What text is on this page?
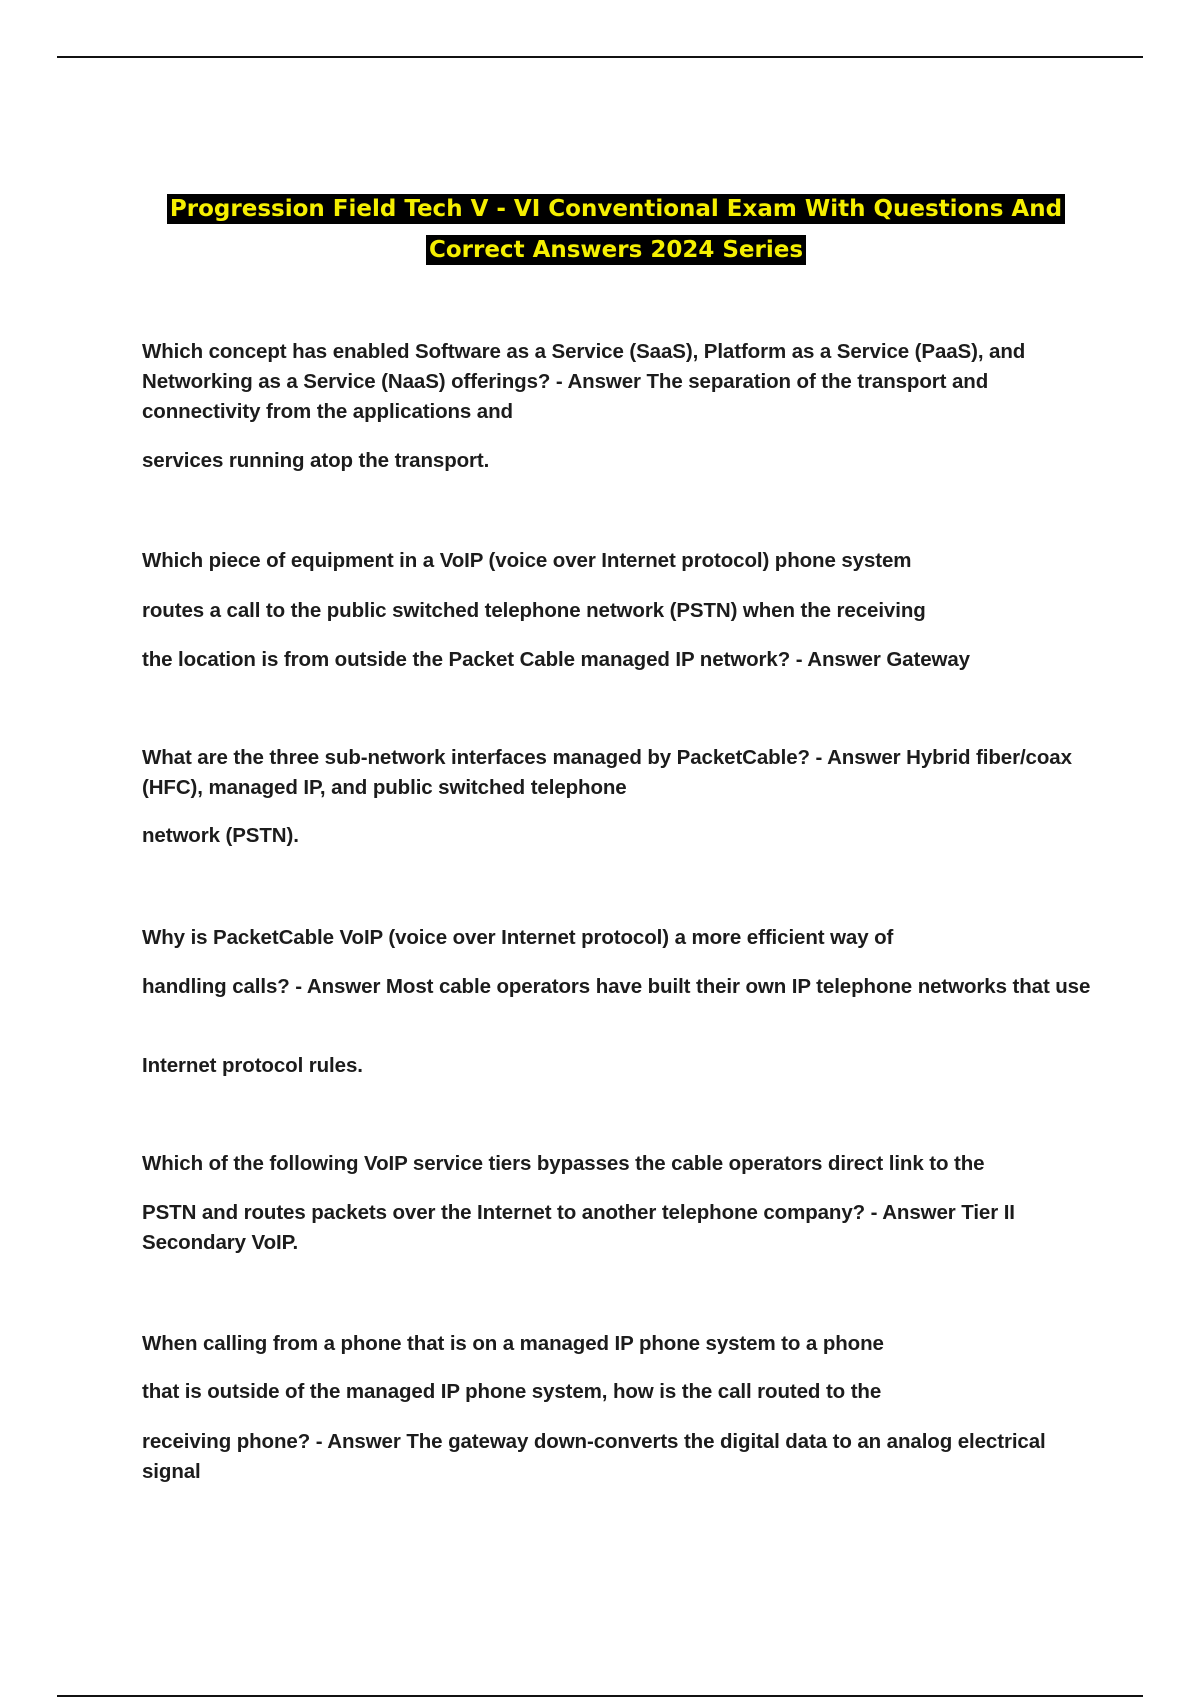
Progression Field Tech V - VI Conventional Exam With Questions And
Correct Answers 2024 Series
Which concept has enabled Software as a Service (SaaS), Platform as a Service (PaaS), and Networking as a Service (NaaS) offerings? - Answer The separation of the transport and connectivity from the applications and
services running atop the transport.
Which piece of equipment in a VoIP (voice over Internet protocol) phone system
routes a call to the public switched telephone network (PSTN) when the receiving
the location is from outside the Packet Cable managed IP network? - Answer Gateway
What are the three sub-network interfaces managed by PacketCable? - Answer Hybrid fiber/coax (HFC), managed IP, and public switched telephone
network (PSTN).
Why is PacketCable VoIP (voice over Internet protocol) a more efficient way of
handling calls? - Answer Most cable operators have built their own IP telephone networks that use
Internet protocol rules.
Which of the following VoIP service tiers bypasses the cable operators direct link to the
PSTN and routes packets over the Internet to another telephone company? - Answer Tier II Secondary VoIP.
When calling from a phone that is on a managed IP phone system to a phone
that is outside of the managed IP phone system, how is the call routed to the
receiving phone? - Answer The gateway down-converts the digital data to an analog electrical signal
